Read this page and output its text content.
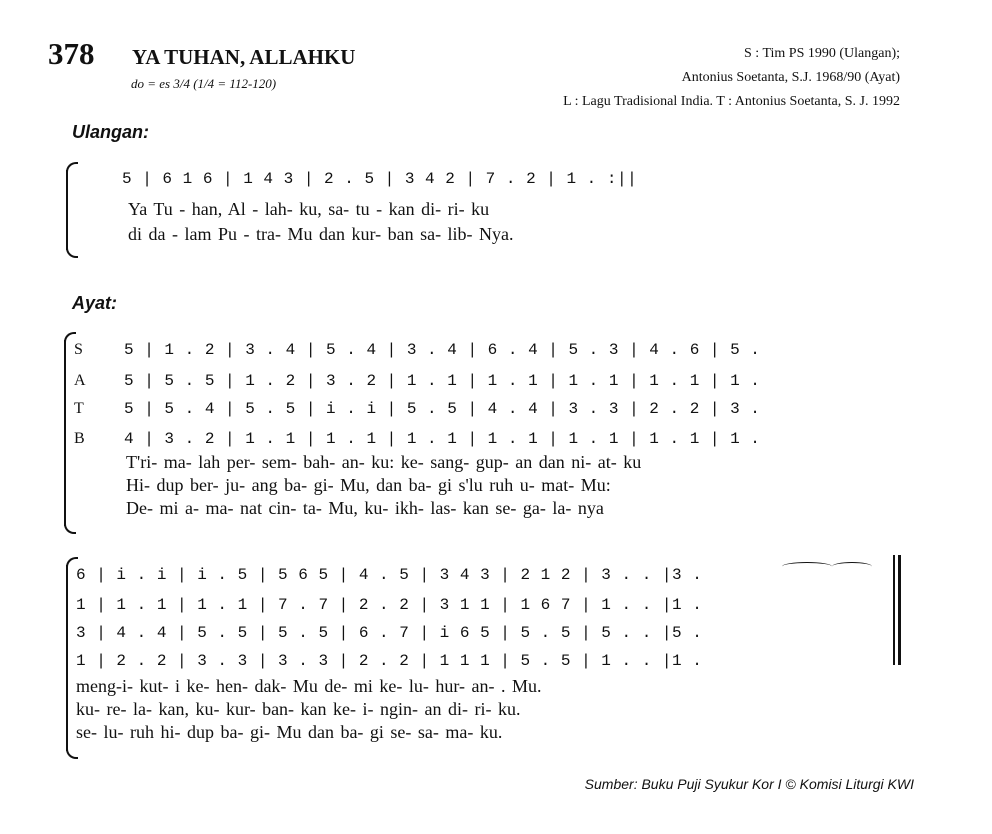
378 YA TUHAN, ALLAHKU
do = es 3/4 (1/4 = 112-120)
S : Tim PS 1990 (Ulangan);
Antonius Soetanta, S.J. 1968/90 (Ayat)
L : Lagu Tradisional India. T : Antonius Soetanta, S. J. 1992
Ulangan:
5 | 6 1 6 | 1 4 3 | 2 . 5 | 3 4 2 | 7 . 2 | 1 . :||
Ya Tu - han, Al - lah- ku, sa- tu - kan di- ri- ku
di da - lam Pu - tra- Mu dan kur- ban sa- lib- Nya.
Ayat:
S
A
T
B
5 | 1 . 2 | 3 . 4 | 5 . 4 | 3 . 4 | 6 . 4 | 5 . 3 | 4 . 6 | 5 .
5 | 5 . 5 | 1 . 2 | 3 . 2 | 1 . 1 | 1 . 1 | 1 . 1 | 1 . 1 | 1 .
5 | 5 . 4 | 5 . 5 | i . i | 5 . 5 | 4 . 4 | 3 . 3 | 2 . 2 | 3 .
4 | 3 . 2 | 1 . 1 | 1 . 1 | 1 . 1 | 1 . 1 | 1 . 1 | 1 . 1 | 1 .
T'ri- ma- lah per- sem- bah- an- ku: ke- sang- gup- an dan ni- at- ku
Hi- dup ber- ju- ang ba- gi- Mu, dan ba- gi s'lu ruh u- mat- Mu:
De- mi a- ma- nat cin- ta- Mu, ku- ikh- las- kan se- ga- la- nya
6 | i . i | i . 5 | 5 6 5 | 4 . 5 | 3 4 3 | 2 1 2 | 3 . . |3 .
1 | 1 . 1 | 1 . 1 | 7 . 7 | 2 . 2 | 3 1 1 | 1 6 7 | 1 . . |1 .
3 | 4 . 4 | 5 . 5 | 5 . 5 | 6 . 7 | i 6 5 | 5 . 5 | 5 . . |5 .
1 | 2 . 2 | 3 . 3 | 3 . 3 | 2 . 2 | 1 1 1 | 5 . 5 | 1 . . |1 .
meng-i- kut- i ke- hen- dak- Mu de- mi ke- lu- hur- an- . Mu.
ku- re- la- kan, ku- kur- ban- kan ke- i- ngin- an di- ri- ku.
se- lu- ruh hi- dup ba- gi- Mu dan ba- gi se- sa- ma- ku.
Sumber: Buku Puji Syukur Kor I © Komisi Liturgi KWI
